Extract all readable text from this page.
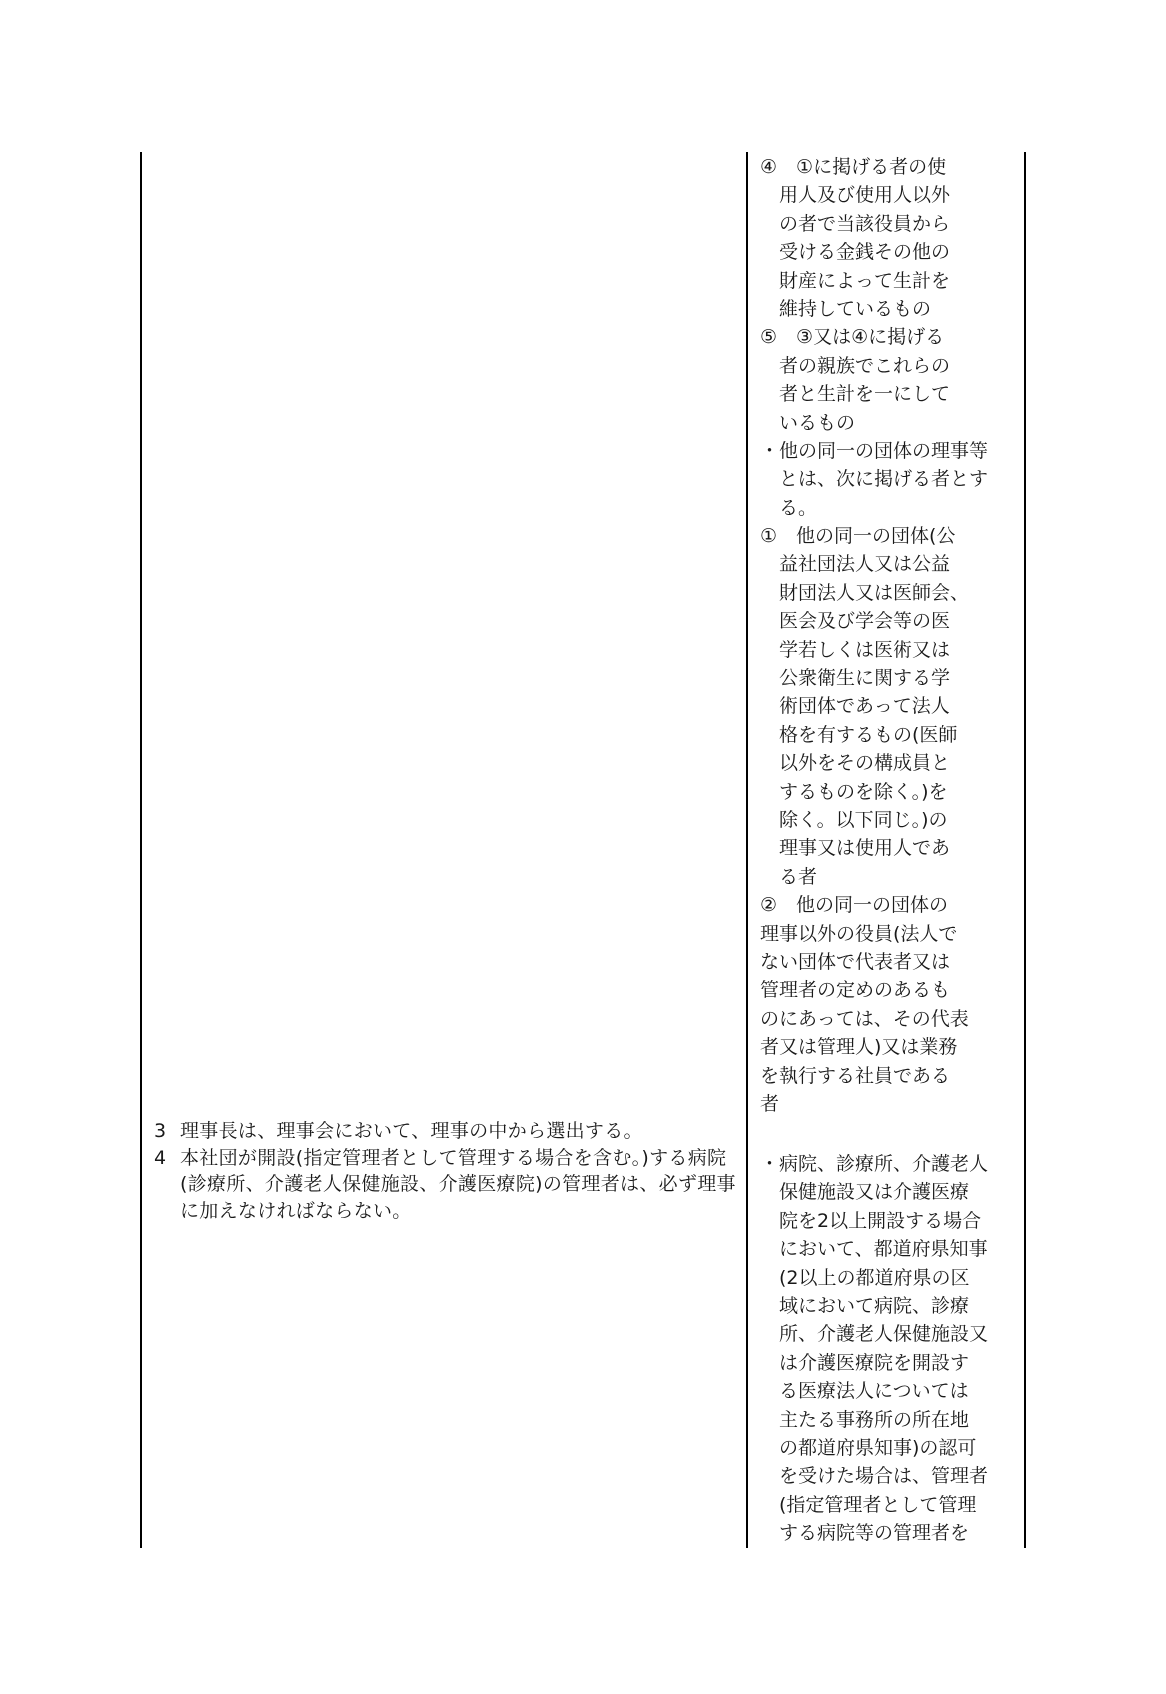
3 理事長は、理事会において、理事の中から選出する。
4 本社団が開設(指定管理者として管理する場合を含む。)する病院(診療所、介護老人保健施設、介護医療院)の管理者は、必ず理事に加えなければならない。
④　①に掲げる者の使
　用人及び使用人以外
　の者で当該役員から
　受ける金銭その他の
　財産によって生計を
　維持しているもの
⑤　③又は④に掲げる
　者の親族でこれらの
　者と生計を一にして
　いるもの
・他の同一の団体の理事等
　とは、次に掲げる者とす
　る。
①　他の同一の団体(公
　益社団法人又は公益
　財団法人又は医師会、
　医会及び学会等の医
　学若しくは医術又は
　公衆衛生に関する学
　術団体であって法人
　格を有するもの(医師
　以外をその構成員と
　するものを除く。)を
　除く。以下同じ。)の
　理事又は使用人であ
　る者
②　他の同一の団体の
理事以外の役員(法人で
ない団体で代表者又は
管理者の定めのあるも
のにあっては、その代表
者又は管理人)又は業務
を執行する社員である
者
・病院、診療所、介護老人
　保健施設又は介護医療
　院を2以上開設する場合
　において、都道府県知事
　(2以上の都道府県の区
　域において病院、診療
　所、介護老人保健施設又
　は介護医療院を開設す
　る医療法人については
　主たる事務所の所在地
　の都道府県知事)の認可
　を受けた場合は、管理者
　(指定管理者として管理
　する病院等の管理者を
